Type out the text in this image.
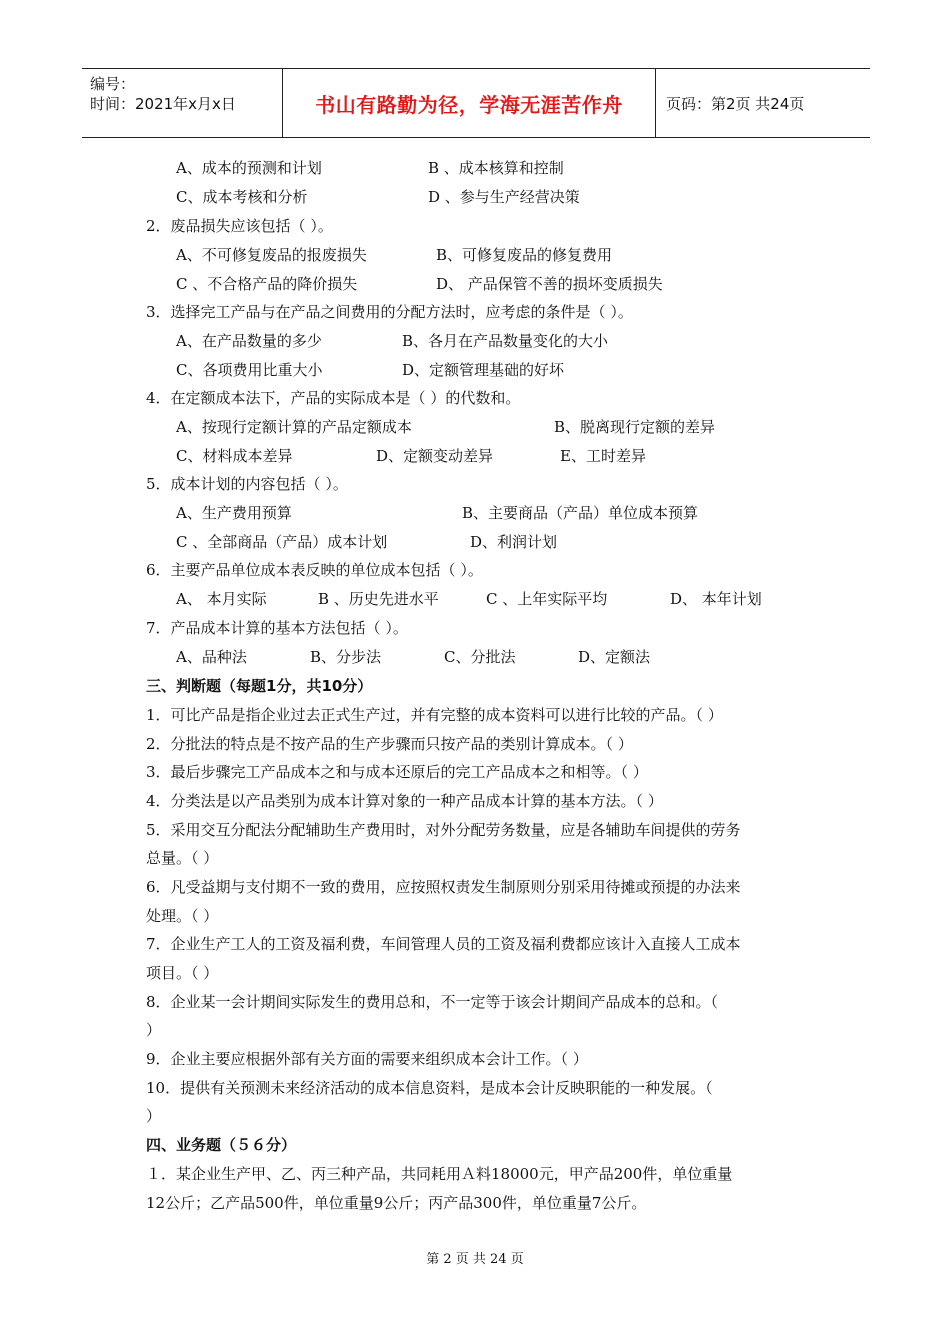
编号：
时间：2021年x月x日	书山有路勤为径，学海无涯苦作舟	页码：第2页 共24页
A、成本的预测和计划	B 、成本核算和控制
C、成本考核和分析	D 、参与生产经营决策
2．废品损失应该包括（ ）。
A、不可修复废品的报废损失	B、可修复废品的修复费用
C 、不合格产品的降价损失	D、 产品保管不善的损坏变质损失
3．选择完工产品与在产品之间费用的分配方法时，应考虑的条件是（ ）。
A、在产品数量的多少	B、各月在产品数量变化的大小
C、各项费用比重大小	D、定额管理基础的好坏
4．在定额成本法下，产品的实际成本是（ ）的代数和。
A、按现行定额计算的产品定额成本	B、脱离现行定额的差异
C、材料成本差异	D、定额变动差异	E、工时差异
5．成本计划的内容包括（ ）。
A、生产费用预算	B、主要商品（产品）单位成本预算
C 、全部商品（产品）成本计划	D、利润计划
6．主要产品单位成本表反映的单位成本包括（ ）。
A、 本月实际	B 、历史先进水平	C 、上年实际平均	D、 本年计划
7．产品成本计算的基本方法包括（ ）。
A、品种法	B、分步法	C、分批法	D、定额法
三、判断题（每题1分，共10分）
1．可比产品是指企业过去正式生产过，并有完整的成本资料可以进行比较的产品。（ ）
2．分批法的特点是不按产品的生产步骤而只按产品的类别计算成本。（ ）
3．最后步骤完工产品成本之和与成本还原后的完工产品成本之和相等。（ ）
4．分类法是以产品类别为成本计算对象的一种产品成本计算的基本方法。（ ）
5．采用交互分配法分配辅助生产费用时，对外分配劳务数量，应是各辅助车间提供的劳务
总量。（ ）
6．凡受益期与支付期不一致的费用，应按照权责发生制原则分别采用待摊或预提的办法来
处理。（ ）
7．企业生产工人的工资及福利费，车间管理人员的工资及福利费都应该计入直接人工成本
项目。（ ）
8．企业某一会计期间实际发生的费用总和，不一定等于该会计期间产品成本的总和。（
）
9．企业主要应根据外部有关方面的需要来组织成本会计工作。（ ）
10．提供有关预测未来经济活动的成本信息资料，是成本会计反映职能的一种发展。（
）
四、业务题（５６分）
１．某企业生产甲、乙、丙三种产品，共同耗用Ａ料18000元，甲产品200件，单位重量
12公斤；乙产品500件，单位重量9公斤；丙产品300件，单位重量7公斤。
第 2 页 共 24 页
